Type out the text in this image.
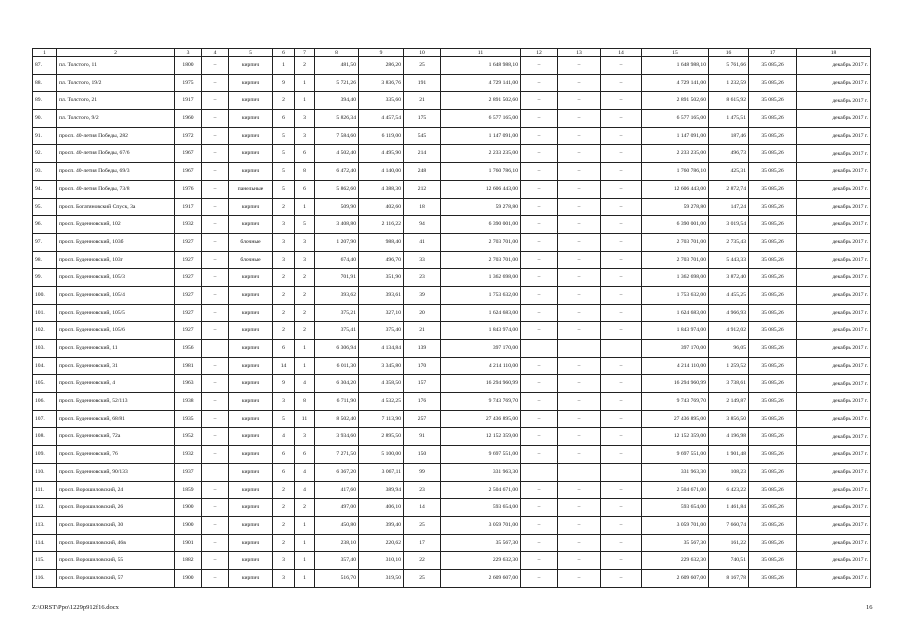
1	2	3	4	5	6	7	8	9	10	11	12	13	14	15	16	17	18
87.	пл. Толстого, 11	1800	–	кирпич	1	2	481,50	286,20	25	1 648 988,10	–	–	–	1 648 988,10	5 761,66	35 085,26	декабрь 2017 г.
88.	пл. Толстого, 19/2	1975	–	кирпич	9	1	5 721,26	3 836,76	191	4 729 141,00	–	–	–	4 729 141,00	1 232,59	35 085,26	декабрь 2017 г.
89.	пл. Толстого, 21	1917	–	кирпич	2	1	394,40	335,60	21	2 891 502,60	–	–	–	2 891 502,60	8 615,92	35 085,26	декабрь 2017 г.
90.	пл. Толстого, 9/2	1960	–	кирпич	6	3	5 826,34	4 457,54	175	6 577 165,00	–	–	–	6 577 165,00	1 475,51	35 085,26	декабрь 2017 г.
91.	просп. 40-летия Победы, 282	1972	–	кирпич	5	3	7 584,60	6 119,00	545	1 147 091,00	–	–	–	1 147 091,00	187,46	35 085,26	декабрь 2017 г.
92.	просп. 40-летия Победы, 67/6	1967	–	кирпич	5	6	4 502,40	4 495,90	214	2 233 235,00	–	–	–	2 233 235,00	496,73	35 085,26	декабрь 2017 г.
93.	просп. 40-летия Победы, 69/3	1967	–	кирпич	5	8	6 472,40	4 140,00	248	1 760 786,10	–	–	–	1 760 786,10	425,31	35 085,26	декабрь 2017 г.
94.	просп. 40-летия Победы, 73/8	1976	–	панельные	5	6	5 862,60	4 388,30	212	12 606 443,00	–	–	–	12 606 443,00	2 872,74	35 085,26	декабрь 2017 г.
95.	просп. Богатяновский Спуск, 3а	1917	–	кирпич	2	1	509,90	402,60	18	59 278,80	–	–	–	59 278,80	147,24	35 085,26	декабрь 2017 г.
96.	просп. Буденновский, 102	1932	–	кирпич	3	5	3 408,80	2 116,22	94	6 390 001,00	–	–	–	6 390 001,00	3 019,54	35 085,26	декабрь 2017 г.
97.	просп. Буденновский, 103б	1927	–	блочные	3	3	1 207,90	988,40	41	2 703 701,00	–	–	–	2 703 701,00	2 735,43	35 085,26	декабрь 2017 г.
98.	просп. Буденновский, 103г	1927	–	блочные	3	3	674,40	496,70	33	2 703 701,00	–	–	–	2 703 701,00	5 443,33	35 085,26	декабрь 2017 г.
99.	просп. Буденновский, 105/3	1927	–	кирпич	2	2	701,91	351,90	23	1 362 698,00	–	–	–	1 362 698,00	3 872,40	35 085,26	декабрь 2017 г.
100.	просп. Буденновский, 105/4	1927	–	кирпич	2	2	393,62	393,61	39	1 753 632,00	–	–	–	1 753 632,00	4 455,25	35 085,26	декабрь 2017 г.
101.	просп. Буденновский, 105/5	1927	–	кирпич	2	2	375,21	327,10	20	1 624 683,00	–	–	–	1 624 683,00	4 966,93	35 085,26	декабрь 2017 г.
102.	просп. Буденновский, 105/6	1927	–	кирпич	2	2	375,41	375,40	21	1 843 974,00	–	–	–	1 843 974,00	4 912,02	35 085,26	декабрь 2017 г.
103.	просп. Буденновский, 11	1956		кирпич	6	1	6 306,94	4 134,84	139	397 170,00				397 170,00	96,05	35 085,26	декабрь 2017 г.
104.	просп. Буденновский, 31	1981	–	кирпич	14	1	6 011,30	3 345,80	170	4 214 110,00	–	–	–	4 214 110,00	1 259,52	35 085,26	декабрь 2017 г.
105.	просп. Буденновский, 4	1963	–	кирпич	9	4	6 304,20	4 358,50	157	16 294 960,99	–	–	–	16 294 960,99	3 738,61	35 085,26	декабрь 2017 г.
106.	просп. Буденновский, 52/113	1938	–	кирпич	3	8	6 711,90	4 532,25	176	9 743 769,70	–	–	–	9 743 769,70	2 149,87	35 085,26	декабрь 2017 г.
107.	просп. Буденновский, 68/81	1935	–	кирпич	5	11	8 502,40	7 113,90	257	27 436 895,00	–	–	–	27 436 895,00	3 856,50	35 085,26	декабрь 2017 г.
108.	просп. Буденновский, 72а	1952	–	кирпич	4	3	3 934,60	2 895,50	91	12 152 359,00	–	–	–	12 152 359,00	4 196,98	35 085,26	декабрь 2017 г.
109.	просп. Буденновский, 76	1932	–	кирпич	6	6	7 271,50	5 100,00	150	9 697 551,00	–	–	–	9 697 551,00	1 901,48	35 085,26	декабрь 2017 г.
110.	просп. Буденновский, 90/133	1937		кирпич	6	4	6 367,20	3 067,11	99	331 963,30				331 963,30	108,23	35 085,26	декабрь 2017 г.
111.	просп. Ворошиловский, 24	1859	–	кирпич	2	4	417,60	389,94	23	2 504 671,00	–	–	–	2 504 671,00	6 423,22	35 085,26	декабрь 2017 г.
112.	просп. Ворошиловский, 26	1900	–	кирпич	2	2	497,00	406,10	14	593 654,00	–	–	–	593 654,00	1 461,84	35 085,26	декабрь 2017 г.
113.	просп. Ворошиловский, 30	1900	–	кирпич	2	1	450,80	399,40	25	3 059 701,00	–	–	–	3 059 701,00	7 660,74	35 085,26	декабрь 2017 г.
114.	просп. Ворошиловский, 46в	1901	–	кирпич	2	1	238,10	220,62	17	35 567,30	–	–	–	35 567,30	161,22	35 085,26	декабрь 2017 г.
115.	просп. Ворошиловский, 55	1882	–	кирпич	3	1	357,40	310,10	22	229 632,30	–	–	–	229 632,30	740,51	35 085,26	декабрь 2017 г.
116.	просп. Ворошиловский, 57	1900	–	кирпич	3	1	516,70	319,50	25	2 609 607,00	–	–	–	2 609 607,00	8 167,78	35 085,26	декабрь 2017 г.
Z:\ORST\Ppo\1229p912f16.docx	16
